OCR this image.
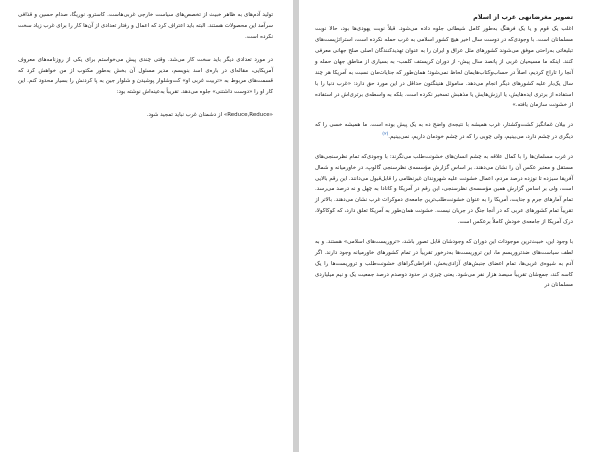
تصویر مغرضانهی غرب از اسلام

اغلب یک قوم و یا یک فرهنگ به‌طور کامل شیطانی جلوه داده می‌شود. قبلاً نوبت یهودی‌ها بود، حالا نوبت مسلمانان است. با وجودی‌که در دوست سال اخیر هیچ کشور اسلامی به غرب حمله نکرده است، استراتژیست‌های تبلیغاتی به‌راحتی موفق می‌شوند کشورهای مثل عراق و ایران را به عنوان تهدیدکنندگان اصلی صلح جهانی معرفی کنند. اینکه ما مسیحیان غربی از پانصد سال پیش- از دوران کریستف کلمب- به بسیاری از مناطق جهان حمله و آنجا را تاراج کردیم، اصلاً در حساب‌وکتاب‌هایمان لحاظ نمی‌شود؛ همان‌طور که جنایات‌مان نسبت به آمریکا هر چند سال یک‌بار علیه کشورهای دیگر انجام می‌دهد. ساموئل هنینگتون حداقل در این مورد حق دارد: «غرب دنیا را با استفاده از برتری ایده‌هایش، یا ارزش‌هایش یا مذهبش تسخیر نکرده است. بلکه به واسطه‌ی برتری‌اش در استفاده از خشونت سازمان یافته.»

در بیلان غمانگیز کشت‌وکشتار، غرب همیشه با نتیجه‌ی واضح ده به یک پیش بوده است. ما همیشه خسی را که دیگری در چشم دارد، می‌بینیم، ولی چوبی را که در چشم خودمان داریم، نمی‌بینیم.$^{(۲)}$

در غرب مسلمان‌ها را با کمال علاقه به چشم انسان‌های خشونت‌طلب می‌نگرند: با وجودی‌که تمام نظرسنجی‌های مستقل و معتبر عکس آن را نشان می‌دهند. بر اساس گزارش مؤسسه‌ی نظرسنجی گالوپ، در خاورمیانه و شمال آفریقا سیزده تا نوزده درصد مردم، اعمال خشونت علیه شهروندان غیرنظامی را قابل‌قبول می‌دانند. این رقم بالایی است، ولی بر اساس گزارش همین مؤسسه‌ی نظرسنجی، این رقم در آمریکا و کانادا به چهل و نه درصد می‌رسد. تمام آمارهای جرم و جنایت، آمریکا را به عنوان خشونت‌طلب‌ترین جامعه‌ی دموکرات غرب نشان می‌دهند. بالاتر از تقریباً تمام کشورهای عربی که در آنجا جنگ در جریان نیست. خشونت همان‌طور به آمریکا تعلق دارد، که کوکاکولا، درک آمریکا از جامعه‌ی خودش کاملاً برعکس است.

با وجود این، خبیث‌ترین موجودات این دوران که وجودشان قابل تصور باشد، «تروریست‌های اسلامی» هستند. و به لطف سیاست‌های ضدتروریسم ما، این تروریست‌ها به‌درخور تقریباً در تمام کشورهای خاورمیانه وجود دارند. اگر آدم به شیوه‌ی غربی‌ها، تمام اعضای جنبش‌های آزادی‌بخش، افراطی‌گراهای خشونت‌طلب و تروریست‌ها را یک کاسه کند، جمع‌شان تقریباً سیصد هزار نفر می‌شود. یعنی چیزی در حدود دوصدم درصد جمعیت یک و نیم میلیاردی مسلمانان در

تولید آدم‌های به ظاهر خبیث از تخصص‌های سیاست خارجی غربی‌هاست. کاسترو، نوریگا، صدام حسین و قذافی سرآمد این محصولات هستند. البته باید اعتراف کرد که اعمال و رفتار تعدادی از آن‌ها کار را برای غرب زیاد سخت نکرده است.

در مورد تعدادی دیگر باید سخت کار می‌شد. وقتی چندی پیش می‌خواستم برای یکی از روزنامه‌های معروف آمریکایی، مقاله‌ای در باره‌ی اسد بنویسم، مدیر مسئول آن بخش به‌طور مکتوب از من خواهش کرد که قسمت‌های مربوط به «تربیت غربی او» کت‌وشلوار پوشیدن و شلوار جین به پا کردنش را بسیار محدود کنم. این کار او را «دوست داشتنی» جلوه می‌دهد. تقریباً به‌عینه‌اش نوشته بود:

«Reduce,Reduce» از دشمنان غرب نباید تمجید شود.
